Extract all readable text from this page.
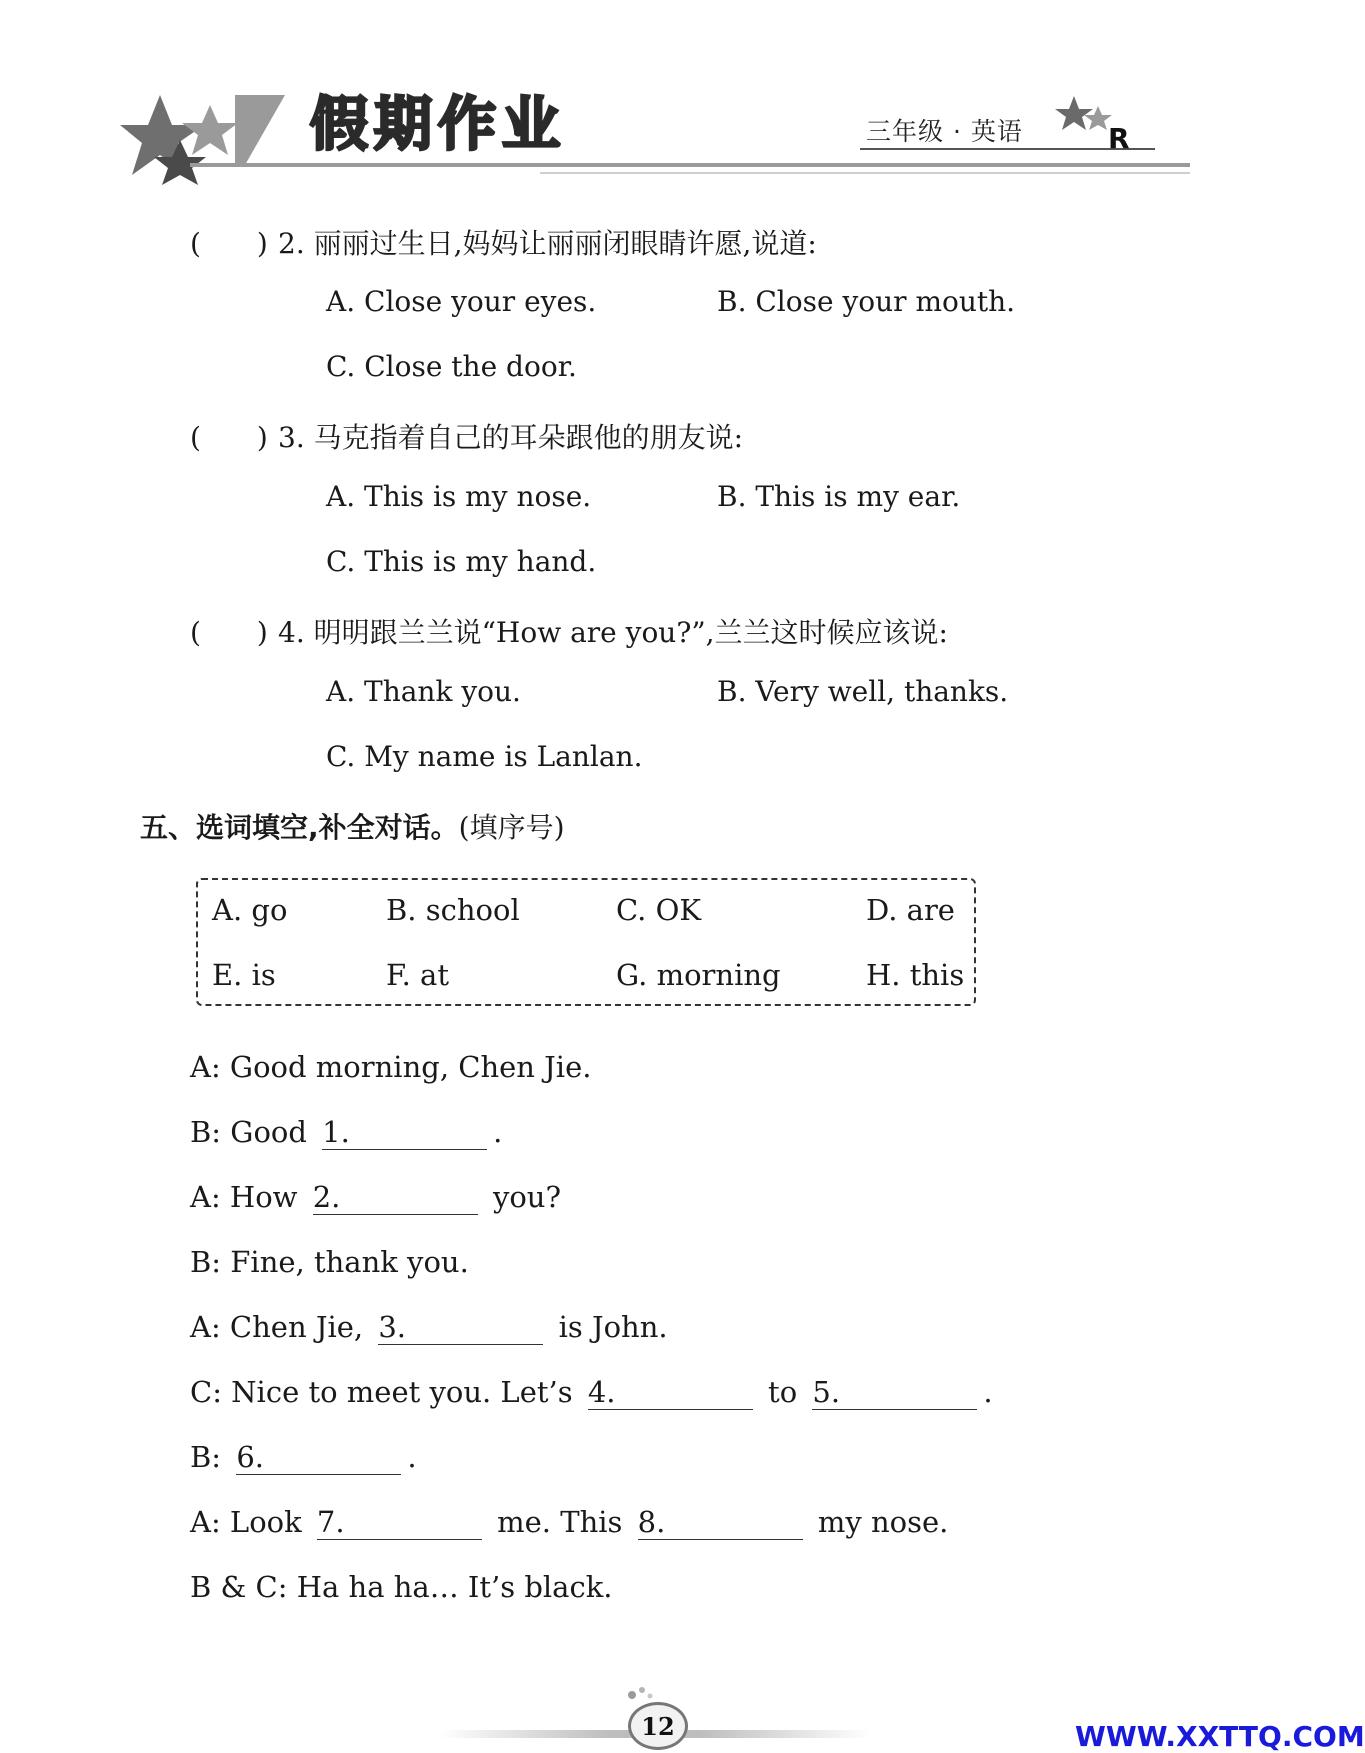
假期作业	三年级 · 英语	R
(　　) 2. 丽丽过生日,妈妈让丽丽闭眼睛许愿,说道:
A. Close your eyes.	B. Close your mouth.
C. Close the door.
(　　) 3. 马克指着自己的耳朵跟他的朋友说:
A. This is my nose.	B. This is my ear.
C. This is my hand.
(　　) 4. 明明跟兰兰说“How are you?”,兰兰这时候应该说:
A. Thank you.	B. Very well, thanks.
C. My name is Lanlan.
五、选词填空,补全对话。(填序号)
A. go	B. school	C. OK	D. are
E. is	F. at	G. morning	H. this
A: Good morning, Chen Jie.
B: Good 1.	.
A: How 2.	you?
B: Fine, thank you.
A: Chen Jie, 3.	is John.
C: Nice to meet you. Let’s 4.	to 5.	.
B: 6.	.
A: Look 7.	me. This 8.	my nose.
B & C: Ha ha ha… It’s black.
12	WWW.XXTTQ.COM
